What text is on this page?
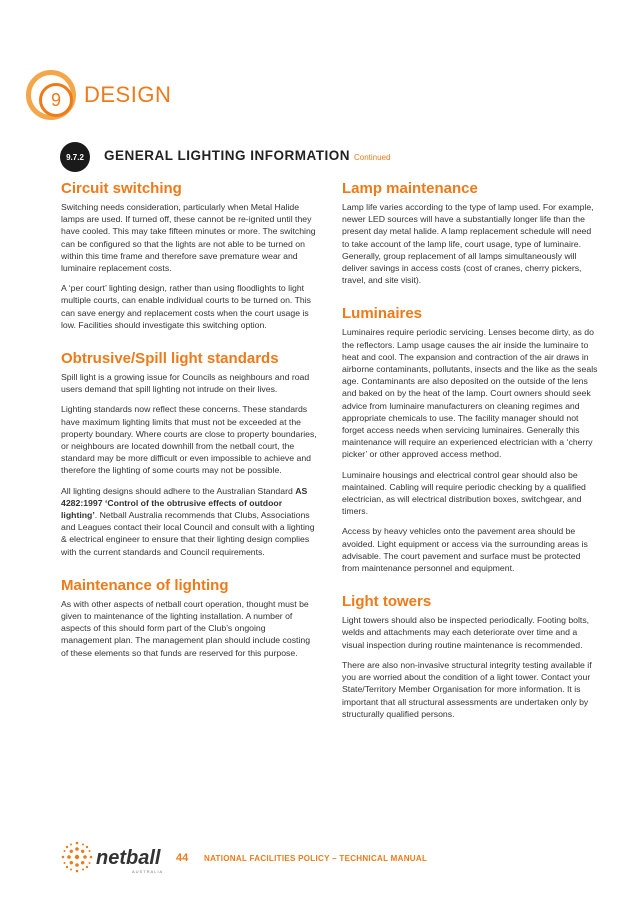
9	DESIGN
9.7.2	GENERAL LIGHTING INFORMATION Continued
Circuit switching

Switching needs consideration, particularly when Metal Halide lamps are used. If turned off, these cannot be re-ignited until they have cooled. This may take fifteen minutes or more. The switching can be configured so that the lights are not able to be turned on within this time frame and therefore save premature wear and luminaire replacement costs.

A ‘per court’ lighting design, rather than using floodlights to light multiple courts, can enable individual courts to be turned on. This can save energy and replacement costs when the court usage is low. Facilities should investigate this switching option.

Obtrusive/Spill light standards

Spill light is a growing issue for Councils as neighbours and road users demand that spill lighting not intrude on their lives.

Lighting standards now reflect these concerns. These standards have maximum lighting limits that must not be exceeded at the property boundary. Where courts are close to property boundaries, or neighbours are located downhill from the netball court, the standard may be more difficult or even impossible to achieve and therefore the lighting of some courts may not be possible.

All lighting designs should adhere to the Australian Standard AS 4282:1997 ‘Control of the obtrusive effects of outdoor lighting’. Netball Australia recommends that Clubs, Associations and Leagues contact their local Council and consult with a lighting & electrical engineer to ensure that their lighting design complies with the current standards and Council requirements.

Maintenance of lighting

As with other aspects of netball court operation, thought must be given to maintenance of the lighting installation. A number of aspects of this should form part of the Club’s ongoing management plan. The management plan should include costing of these elements so that funds are reserved for this purpose.

Lamp maintenance

Lamp life varies according to the type of lamp used. For example, newer LED sources will have a substantially longer life than the present day metal halide. A lamp replacement schedule will need to take account of the lamp life, court usage, type of luminaire. Generally, group replacement of all lamps simultaneously will deliver savings in access costs (cost of cranes, cherry pickers, travel, and site visit).

Luminaires

Luminaires require periodic servicing. Lenses become dirty, as do the reflectors. Lamp usage causes the air inside the luminaire to heat and cool. The expansion and contraction of the air draws in airborne contaminants, pollutants, insects and the like as the seals age. Contaminants are also deposited on the outside of the lens and baked on by the heat of the lamp. Court owners should seek advice from luminaire manufacturers on cleaning regimes and appropriate chemicals to use. The facility manager should not forget access needs when servicing luminaires. Generally this maintenance will require an experienced electrician with a ‘cherry picker’ or other approved access method.

Luminaire housings and electrical control gear should also be maintained. Cabling will require periodic checking by a qualified electrician, as will electrical distribution boxes, switchgear, and timers.

Access by heavy vehicles onto the pavement area should be avoided. Light equipment or access via the surrounding areas is advisable. The court pavement and surface must be protected from maintenance personnel and equipment.

Light towers

Light towers should also be inspected periodically. Footing bolts, welds and attachments may each deteriorate over time and a visual inspection during routine maintenance is recommended.

There are also non-invasive structural integrity testing available if you are worried about the condition of a light tower. Contact your State/Territory Member Organisation for more information. It is important that all structural assessments are undertaken only by structurally qualified persons.

netball
AUSTRALIA
44 NATIONAL FACILITIES POLICY – TECHNICAL MANUAL
